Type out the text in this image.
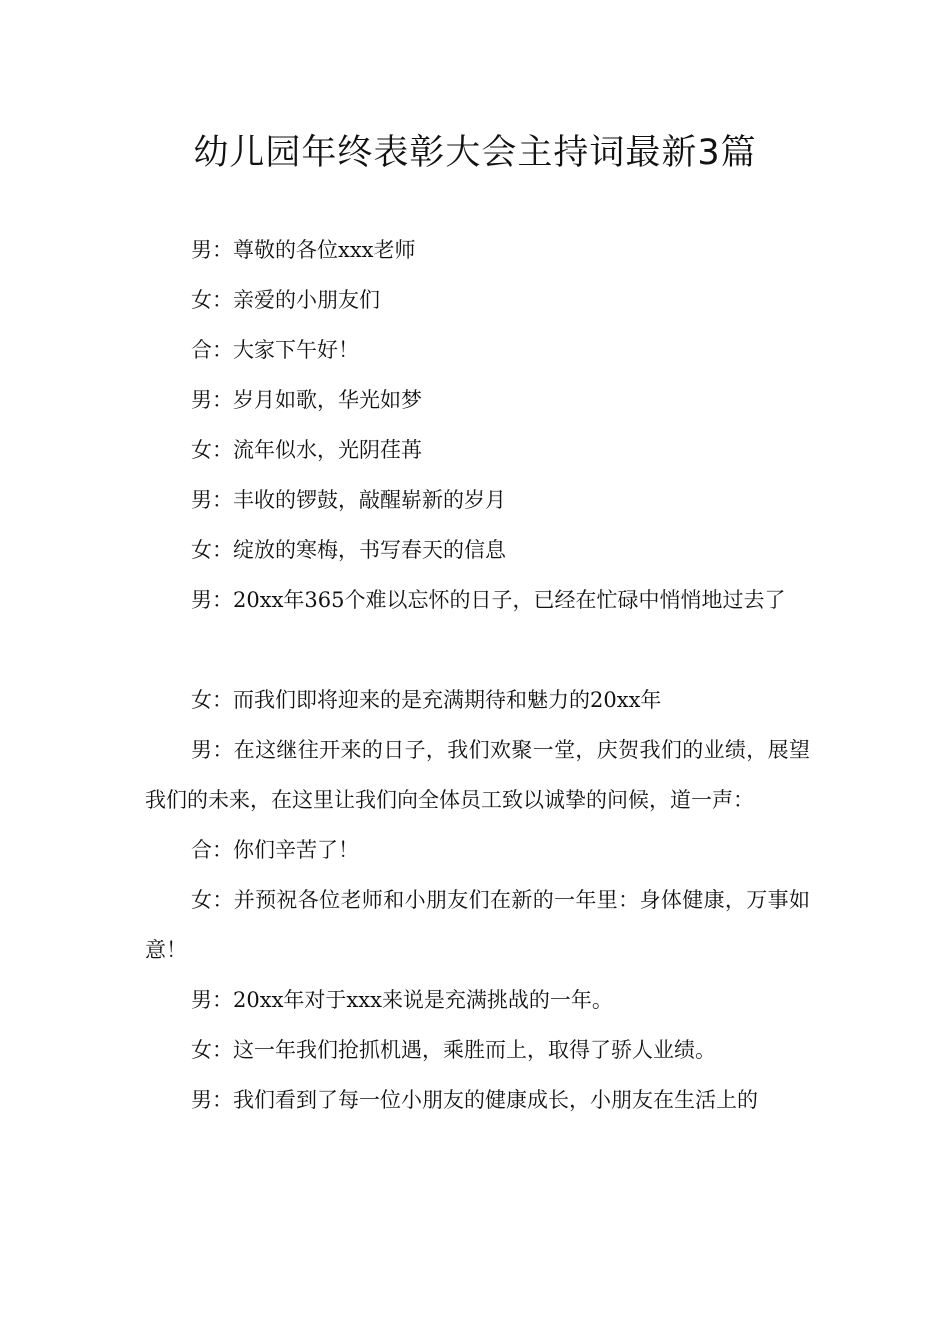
幼儿园年终表彰大会主持词最新3篇

男：尊敬的各位xxx老师

女：亲爱的小朋友们

合：大家下午好！

男：岁月如歌，华光如梦

女：流年似水，光阴荏苒

男：丰收的锣鼓，敲醒崭新的岁月

女：绽放的寒梅，书写春天的信息

男：20xx年365个难以忘怀的日子，已经在忙碌中悄悄地过去了

女：而我们即将迎来的是充满期待和魅力的20xx年

男：在这继往开来的日子，我们欢聚一堂，庆贺我们的业绩，展望我们的未来，在这里让我们向全体员工致以诚挚的问候，道一声：

合：你们辛苦了！

女：并预祝各位老师和小朋友们在新的一年里：身体健康，万事如意！

男：20xx年对于xxx来说是充满挑战的一年。

女：这一年我们抢抓机遇，乘胜而上，取得了骄人业绩。

男：我们看到了每一位小朋友的健康成长，小朋友在生活上的
